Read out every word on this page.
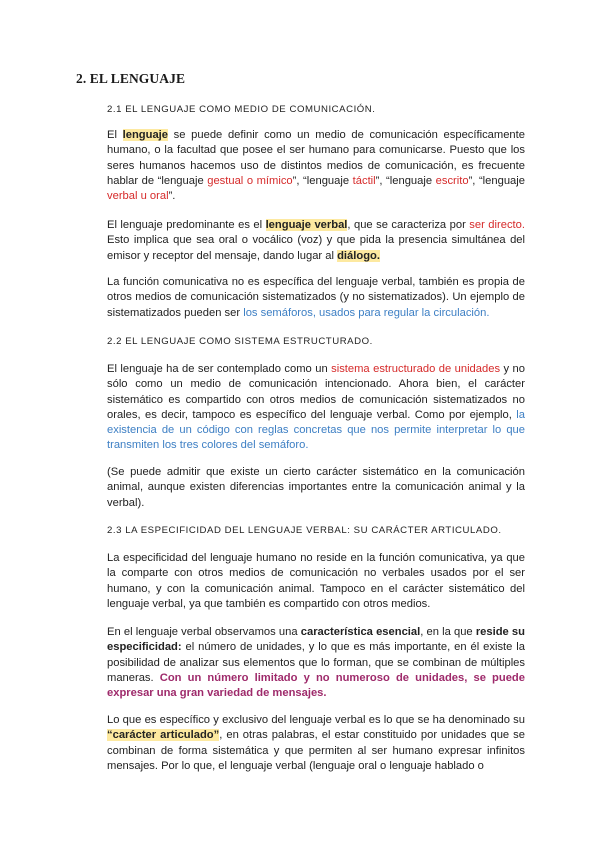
2. EL LENGUAJE
2.1 EL LENGUAJE COMO MEDIO DE COMUNICACIÓN.
El lenguaje se puede definir como un medio de comunicación específicamente humano, o la facultad que posee el ser humano para comunicarse. Puesto que los seres humanos hacemos uso de distintos medios de comunicación, es frecuente hablar de “lenguaje gestual o mímico”, “lenguaje táctil”, “lenguaje escrito”, “lenguaje verbal u oral”.
El lenguaje predominante es el lenguaje verbal, que se caracteriza por ser directo. Esto implica que sea oral o vocálico (voz) y que pida la presencia simultánea del emisor y receptor del mensaje, dando lugar al diálogo.
La función comunicativa no es específica del lenguaje verbal, también es propia de otros medios de comunicación sistematizados (y no sistematizados). Un ejemplo de sistematizados pueden ser los semáforos, usados para regular la circulación.
2.2 EL LENGUAJE COMO SISTEMA ESTRUCTURADO.
El lenguaje ha de ser contemplado como un sistema estructurado de unidades y no sólo como un medio de comunicación intencionado. Ahora bien, el carácter sistemático es compartido con otros medios de comunicación sistematizados no orales, es decir, tampoco es específico del lenguaje verbal. Como por ejemplo, la existencia de un código con reglas concretas que nos permite interpretar lo que transmiten los tres colores del semáforo.
(Se puede admitir que existe un cierto carácter sistemático en la comunicación animal, aunque existen diferencias importantes entre la comunicación animal y la verbal).
2.3 LA ESPECIFICIDAD DEL LENGUAJE VERBAL: SU CARÁCTER ARTICULADO.
La especificidad del lenguaje humano no reside en la función comunicativa, ya que la comparte con otros medios de comunicación no verbales usados por el ser humano, y con la comunicación animal. Tampoco en el carácter sistemático del lenguaje verbal, ya que también es compartido con otros medios.
En el lenguaje verbal observamos una característica esencial, en la que reside su especificidad: el número de unidades, y lo que es más importante, en él existe la posibilidad de analizar sus elementos que lo forman, que se combinan de múltiples maneras. Con un número limitado y no numeroso de unidades, se puede expresar una gran variedad de mensajes.
Lo que es específico y exclusivo del lenguaje verbal es lo que se ha denominado su “carácter articulado”, en otras palabras, el estar constituido por unidades que se combinan de forma sistemática y que permiten al ser humano expresar infinitos mensajes. Por lo que, el lenguaje verbal (lenguaje oral o lenguaje hablado o
